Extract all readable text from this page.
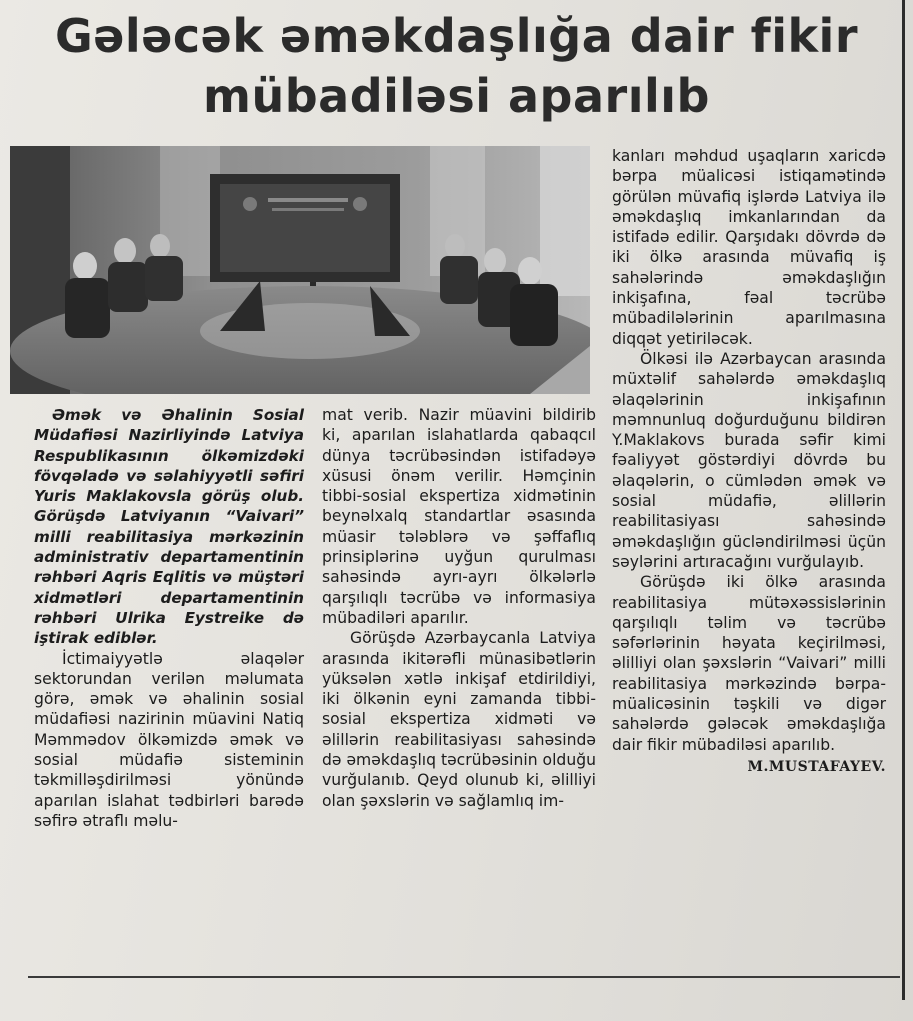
Gələcək əməkdaşlığa dair fikir
mübadiləsi aparılıb

Əmək və Əhalinin Sosial Müdafiəsi Nazirliyində Latviya Respublikasının ölkəmizdəki fövqəladə və səlahiyyətli səfiri Yuris Maklakovsla görüş olub. Görüşdə Latviyanın “Vaivari” milli reabilitasiya mərkəzinin administrativ departamentinin rəhbəri Aqris Eqlitis və müştəri xidmətləri departamentinin rəhbəri Ulrika Eystreike də iştirak ediblər.

İctimaiyyətlə əlaqələr sektorundan verilən məlumata görə, əmək və əhalinin sosial müdafiəsi nazirinin müavini Natiq Məmmədov ölkəmizdə əmək və sosial müdafiə sisteminin təkmilləşdirilməsi yönündə aparılan islahat tədbirləri barədə səfirə ətraflı məlu-

mat verib. Nazir müavini bildirib ki, aparılan islahatlarda qabaqcıl dünya təcrübəsindən istifadəyə xüsusi önəm verilir. Həmçinin tibbi-sosial ekspertiza xidmətinin beynəlxalq standartlar əsasında müasir tələblərə və şəffaflıq prinsiplərinə uyğun qurulması sahəsində ayrı-ayrı ölkələrlə qarşılıqlı təcrübə və informasiya mübadiləri aparılır.

Görüşdə Azərbaycanla Latviya arasında ikitərəfli münasibətlərin yüksələn xətlə inkişaf etdirildiyi, iki ölkənin eyni zamanda tibbi-sosial ekspertiza xidməti və əlillərin reabilitasiyası sahəsində də əməkdaşlıq təcrübəsinin olduğu vurğulanıb. Qeyd olunub ki, əlilliyi olan şəxslərin və sağlamlıq im-

kanları məhdud uşaqların xaricdə bərpa müalicəsi istiqamətində görülən müvafiq işlərdə Latviya ilə əməkdaşlıq imkanlarından da istifadə edilir. Qarşıdakı dövrdə də iki ölkə arasında müvafiq iş sahələrində əməkdaşlığın inkişafına, fəal təcrübə mübadilələrinin aparılmasına diqqət yetiriləcək.

Ölkəsi ilə Azərbaycan arasında müxtəlif sahələrdə əməkdaşlıq əlaqələrinin inkişafının məmnunluq doğurduğunu bildirən Y.Maklakovs burada səfir kimi fəaliyyət göstərdiyi dövrdə bu əlaqələrin, o cümlədən əmək və sosial müdafiə, əlillərin reabilitasiyası sahəsində əməkdaşlığın gücləndirilməsi üçün səylərini artıracağını vurğulayıb.

Görüşdə iki ölkə arasında reabilitasiya mütəxəssislərinin qarşılıqlı təlim və təcrübə səfərlərinin həyata keçirilməsi, əlilliyi olan şəxslərin “Vaivari” milli reabilitasiya mərkəzində bərpa-müalicəsinin təşkili və digər sahələrdə gələcək əməkdaşlığa dair fikir mübadiləsi aparılıb.

M.MUSTAFAYEV.
